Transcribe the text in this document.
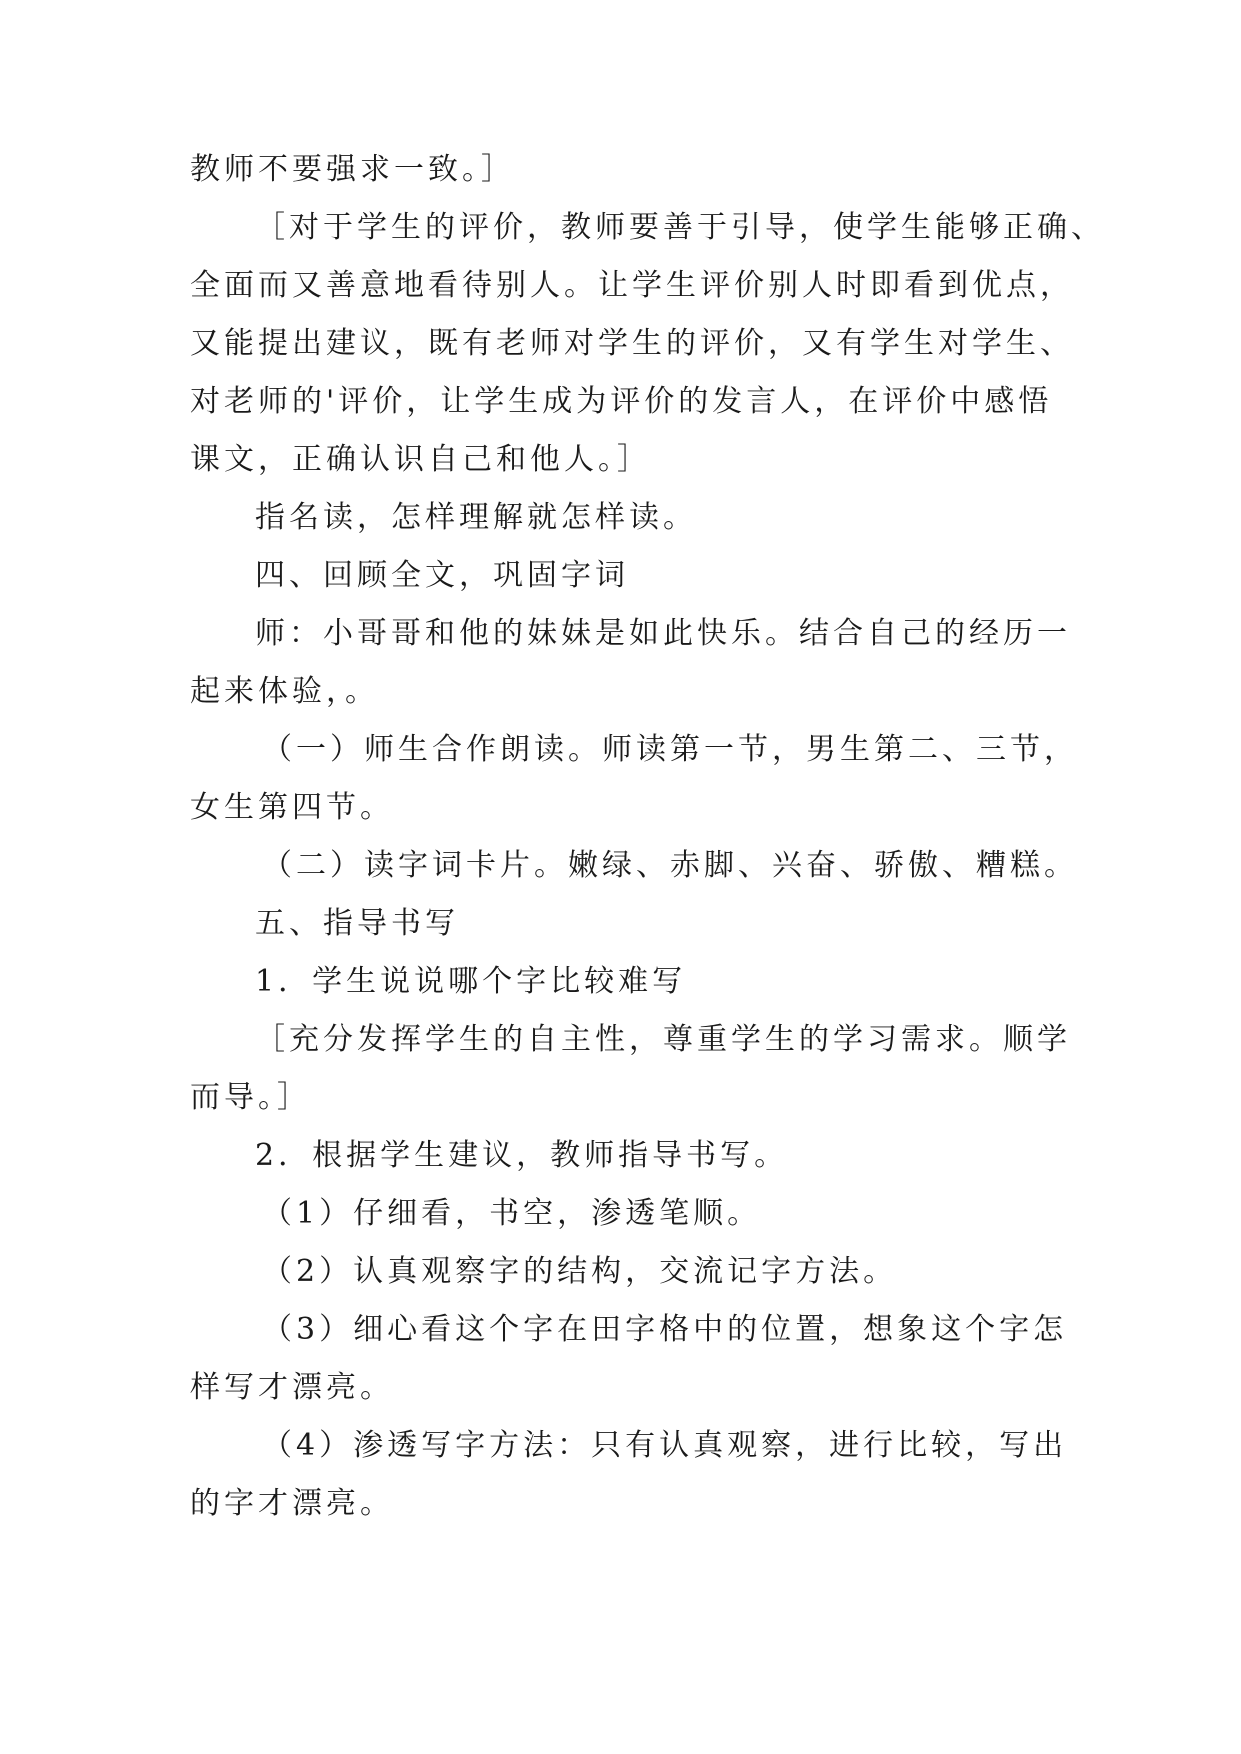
教师不要强求一致。］
［对于学生的评价，教师要善于引导，使学生能够正确、
全面而又善意地看待别人。让学生评价别人时即看到优点，
又能提出建议，既有老师对学生的评价，又有学生对学生、
对老师的'评价，让学生成为评价的发言人，在评价中感悟
课文，正确认识自己和他人。］
指名读，怎样理解就怎样读。
四、回顾全文，巩固字词
师：小哥哥和他的妹妹是如此快乐。结合自己的经历一
起来体验，。
（一）师生合作朗读。师读第一节，男生第二、三节，
女生第四节。
（二）读字词卡片。嫩绿、赤脚、兴奋、骄傲、糟糕。
五、指导书写
1．学生说说哪个字比较难写
［充分发挥学生的自主性，尊重学生的学习需求。顺学
而导。］
2．根据学生建议，教师指导书写。
（1）仔细看，书空，渗透笔顺。
（2）认真观察字的结构，交流记字方法。
（3）细心看这个字在田字格中的位置，想象这个字怎
样写才漂亮。
（4）渗透写字方法：只有认真观察，进行比较，写出
的字才漂亮。
